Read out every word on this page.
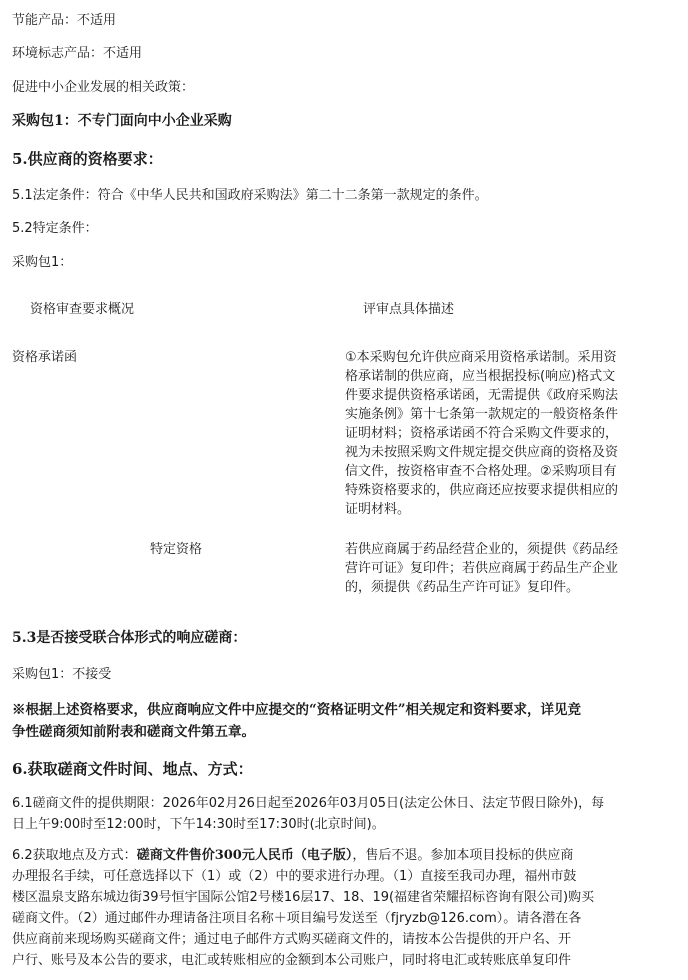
节能产品：不适用
环境标志产品：不适用
促进中小企业发展的相关政策：
采购包1：不专门面向中小企业采购
5.供应商的资格要求：
5.1法定条件：符合《中华人民共和国政府采购法》第二十二条第一款规定的条件。
5.2特定条件：
采购包1：
资格审查要求概况	评审点具体描述
资格承诺函	①本采购包允许供应商采用资格承诺制。采用资
格承诺制的供应商，应当根据投标(响应)格式文
件要求提供资格承诺函，无需提供《政府采购法
实施条例》第十七条第一款规定的一般资格条件
证明材料；资格承诺函不符合采购文件要求的，
视为未按照采购文件规定提交供应商的资格及资
信文件，按资格审查不合格处理。②采购项目有
特殊资格要求的，供应商还应按要求提供相应的
证明材料。
特定资格	若供应商属于药品经营企业的，须提供《药品经
营许可证》复印件；若供应商属于药品生产企业
的，须提供《药品生产许可证》复印件。
5.3是否接受联合体形式的响应磋商：
采购包1：不接受
※根据上述资格要求，供应商响应文件中应提交的“资格证明文件”相关规定和资料要求，详见竞
争性磋商须知前附表和磋商文件第五章。
6.获取磋商文件时间、地点、方式：
6.1磋商文件的提供期限：2026年02月26日起至2026年03月05日(法定公休日、法定节假日除外)，每
日上午9:00时至12:00时，下午14:30时至17:30时(北京时间)。
6.2获取地点及方式：磋商文件售价300元人民币（电子版），售后不退。参加本项目投标的供应商
办理报名手续，可任意选择以下（1）或（2）中的要求进行办理。（1）直接至我司办理，福州市鼓
楼区温泉支路东城边街39号恒宇国际公馆2号楼16层17、18、19(福建省荣耀招标咨询有限公司)购买
磋商文件。（2）通过邮件办理请备注项目名称＋项目编号发送至（fjryzb@126.com）。请各潜在各
供应商前来现场购买磋商文件；通过电子邮件方式购买磋商文件的，请按本公告提供的开户名、开
户行、账号及本公告的要求，电汇或转账相应的金额到本公司账户，同时将电汇或转账底单复印件
